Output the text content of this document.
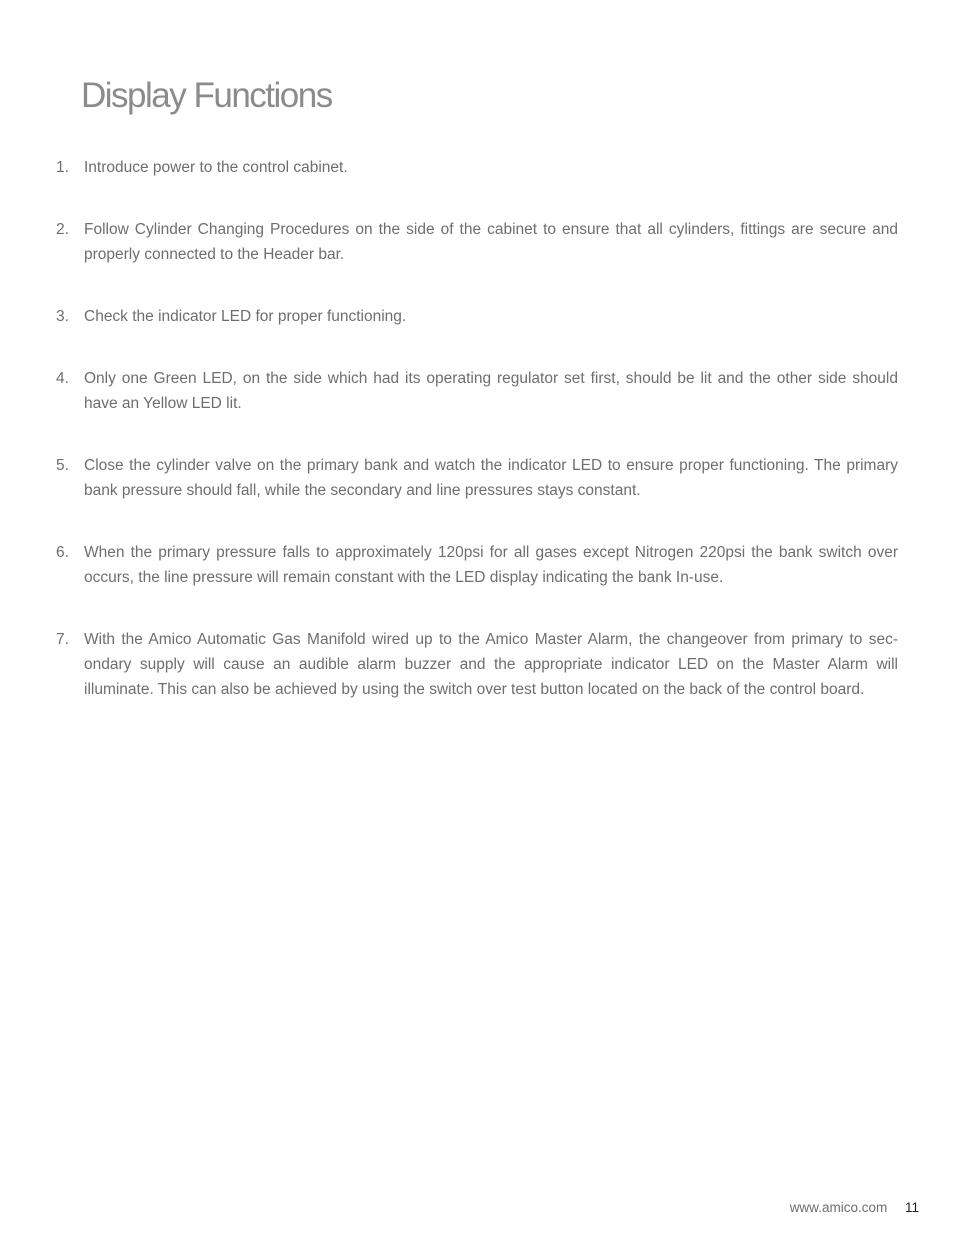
Display Functions
1. Introduce power to the control cabinet.

2. Follow Cylinder Changing Procedures on the side of the cabinet to ensure that all cylinders, fittings are secure and properly connected to the Header bar.

3. Check the indicator LED for proper functioning.

4. Only one Green LED, on the side which had its operating regulator set first, should be lit and the other side should have an Yellow LED lit.

5. Close the cylinder valve on the primary bank and watch the indicator LED to ensure proper functioning. The primary bank pressure should fall, while the secondary and line pressures stays constant.

6. When the primary pressure falls to approximately 120psi for all gases except Nitrogen 220psi the bank switch over occurs, the line pressure will remain constant with the LED display indicating the bank In-use.

7. With the Amico Automatic Gas Manifold wired up to the Amico Master Alarm, the changeover from primary to sec-ondary supply will cause an audible alarm buzzer and the appropriate indicator LED on the Master Alarm will illuminate. This can also be achieved by using the switch over test button located on the back of the control board.

www.amico.com 11
